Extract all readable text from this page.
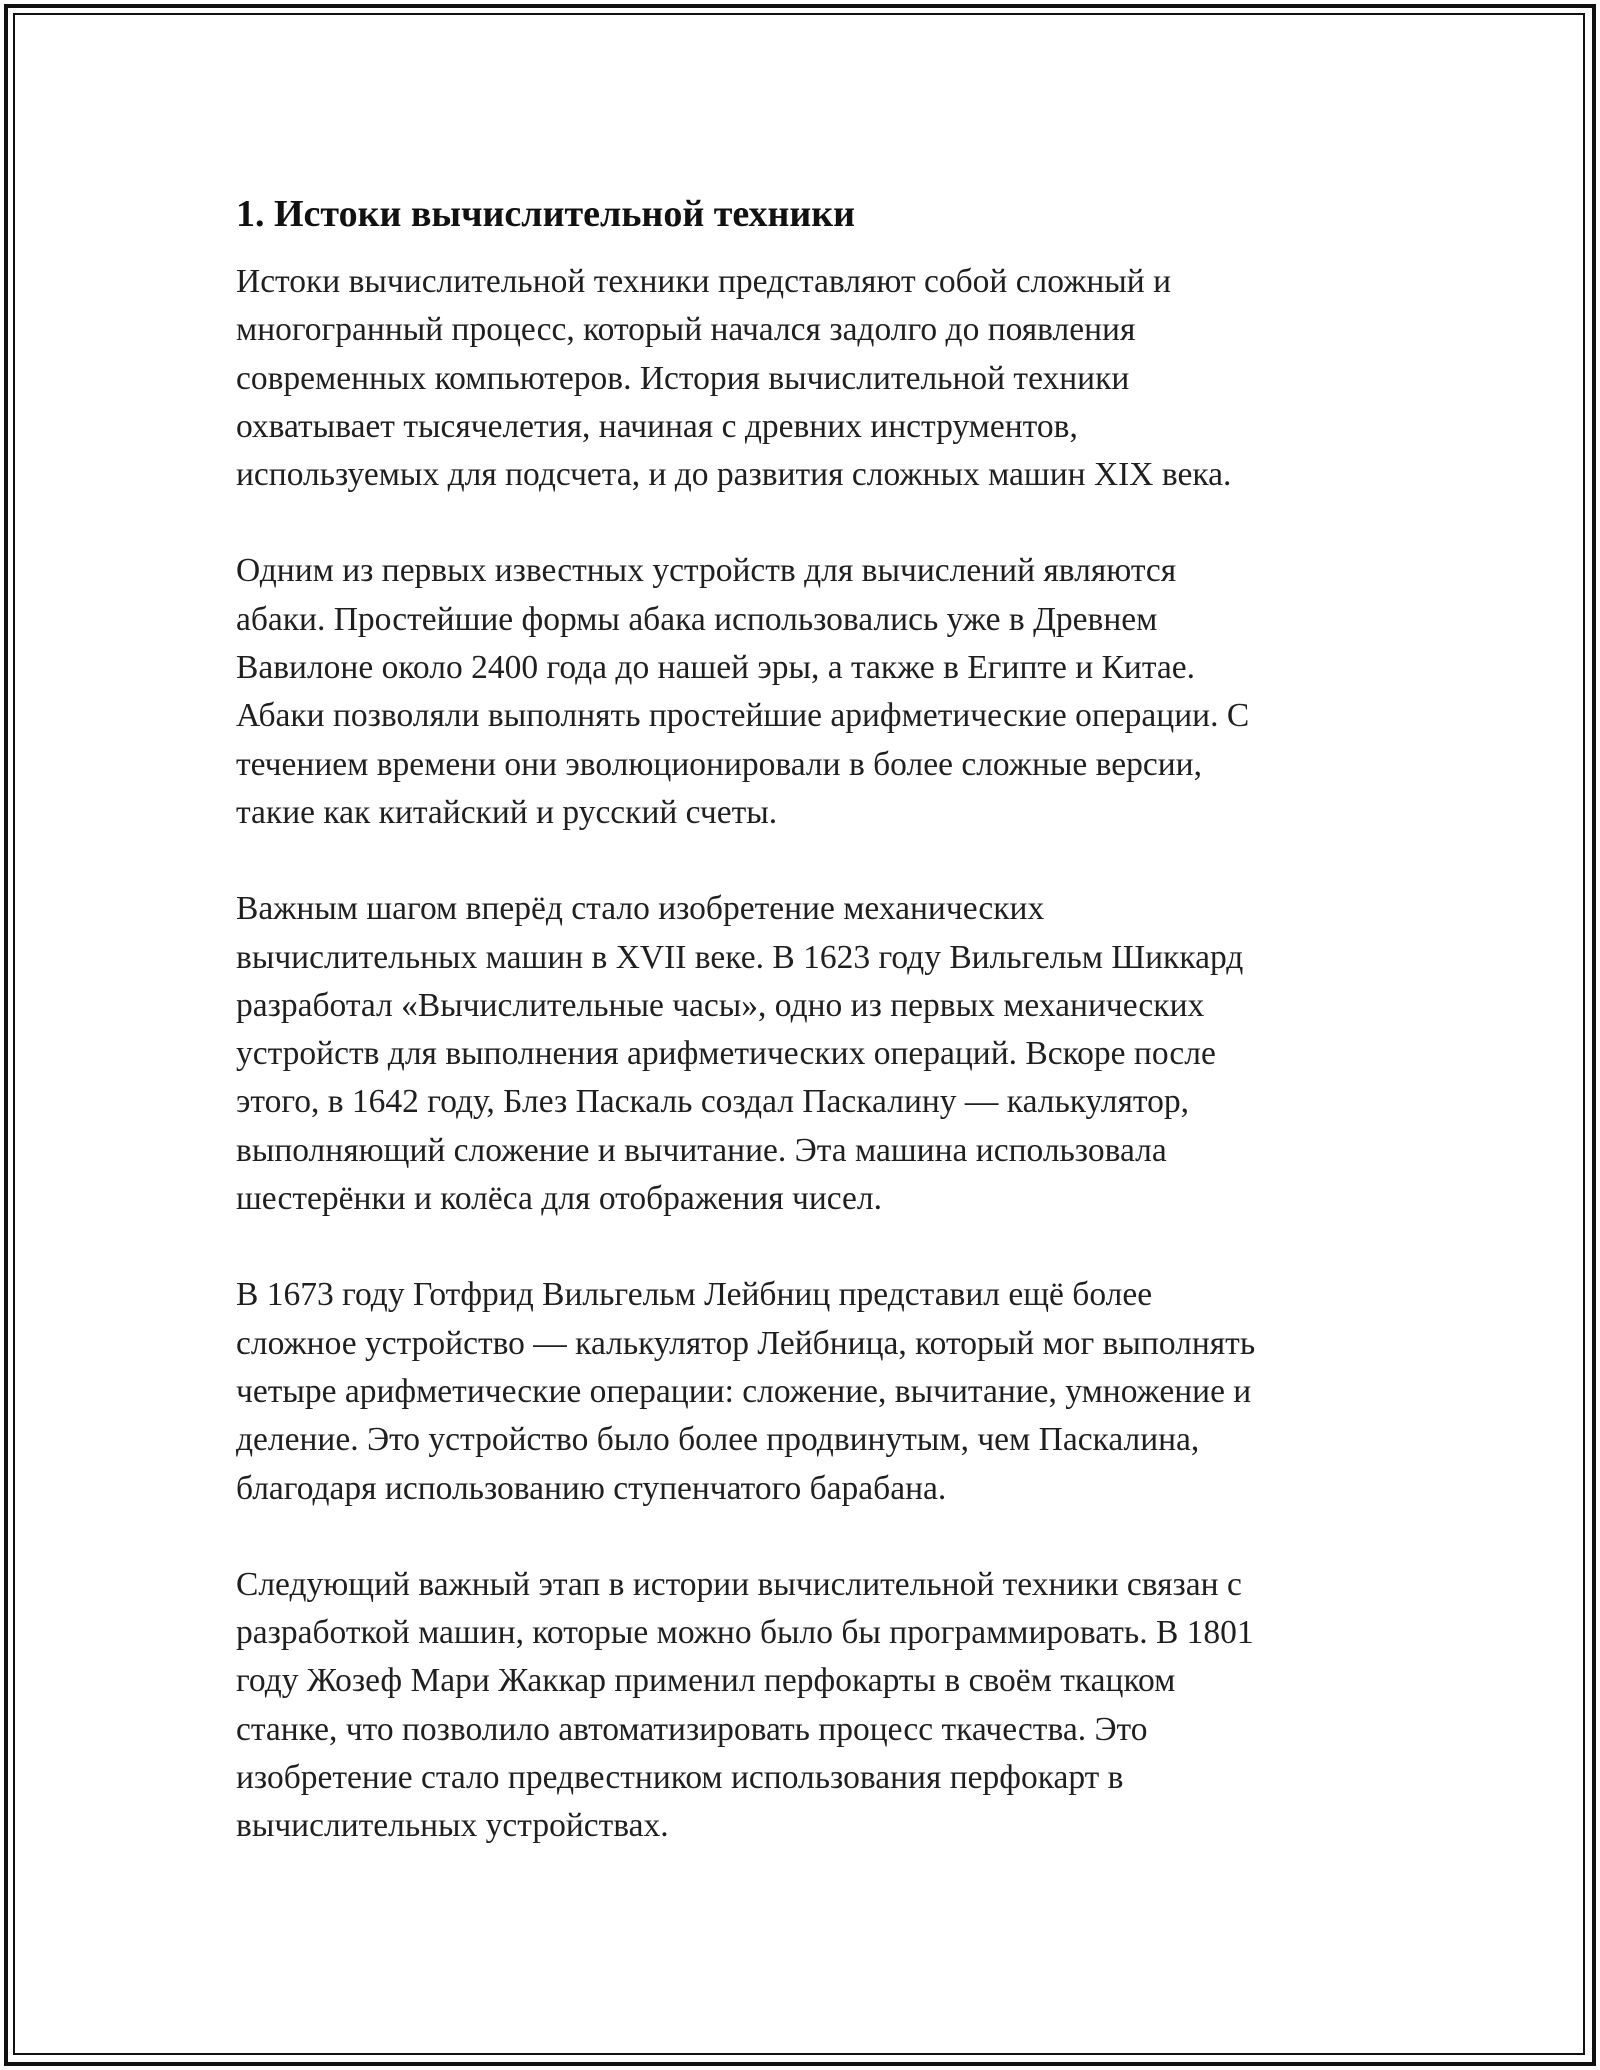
1. Истоки вычислительной техники

Истоки вычислительной техники представляют собой сложный и
многогранный процесс, который начался задолго до появления
современных компьютеров. История вычислительной техники
охватывает тысячелетия, начиная с древних инструментов,
используемых для подсчета, и до развития сложных машин XIX века.

Одним из первых известных устройств для вычислений являются
абаки. Простейшие формы абака использовались уже в Древнем
Вавилоне около 2400 года до нашей эры, а также в Египте и Китае.
Абаки позволяли выполнять простейшие арифметические операции. С
течением времени они эволюционировали в более сложные версии,
такие как китайский и русский счеты.

Важным шагом вперёд стало изобретение механических
вычислительных машин в XVII веке. В 1623 году Вильгельм Шиккард
разработал «Вычислительные часы», одно из первых механических
устройств для выполнения арифметических операций. Вскоре после
этого, в 1642 году, Блез Паскаль создал Паскалину — калькулятор,
выполняющий сложение и вычитание. Эта машина использовала
шестерёнки и колёса для отображения чисел.

В 1673 году Готфрид Вильгельм Лейбниц представил ещё более
сложное устройство — калькулятор Лейбница, который мог выполнять
четыре арифметические операции: сложение, вычитание, умножение и
деление. Это устройство было более продвинутым, чем Паскалина,
благодаря использованию ступенчатого барабана.

Следующий важный этап в истории вычислительной техники связан с
разработкой машин, которые можно было бы программировать. В 1801
году Жозеф Мари Жаккар применил перфокарты в своём ткацком
станке, что позволило автоматизировать процесс ткачества. Это
изобретение стало предвестником использования перфокарт в
вычислительных устройствах.
